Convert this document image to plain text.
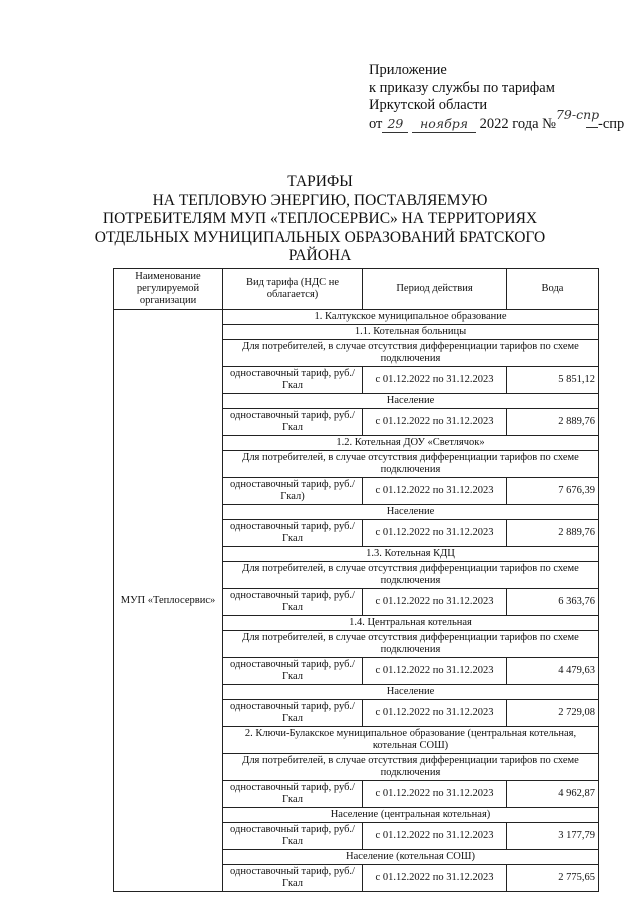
Приложение
к приказу службы по тарифам
Иркутской области
от 29 ноября 2022 года №79-спр-спр
ТАРИФЫ
НА ТЕПЛОВУЮ ЭНЕРГИЮ, ПОСТАВЛЯЕМУЮ
ПОТРЕБИТЕЛЯМ МУП «ТЕПЛОСЕРВИС» НА ТЕРРИТОРИЯХ
ОТДЕЛЬНЫХ МУНИЦИПАЛЬНЫХ ОБРАЗОВАНИЙ БРАТСКОГО
РАЙОНА
Наименование регулируемой организации	Вид тарифа (НДС не облагается)	Период действия	Вода
МУП «Теплосервис»	1. Калтукское муниципальное образование		
	1.1. Котельная больницы		
	Для потребителей, в случае отсутствия дифференциации тарифов по схеме подключения		
	одноставочный тариф, руб./Гкал	с 01.12.2022 по 31.12.2023	5 851,12
	Население		
	одноставочный тариф, руб./Гкал	с 01.12.2022 по 31.12.2023	2 889,76
	1.2. Котельная ДОУ «Светлячок»		
	Для потребителей, в случае отсутствия дифференциации тарифов по схеме подключения		
	одноставочный тариф, руб./Гкал)	с 01.12.2022 по 31.12.2023	7 676,39
	Население		
	одноставочный тариф, руб./Гкал	с 01.12.2022 по 31.12.2023	2 889,76
	1.3. Котельная КДЦ		
	Для потребителей, в случае отсутствия дифференциации тарифов по схеме подключения		
	одноставочный тариф, руб./Гкал	с 01.12.2022 по 31.12.2023	6 363,76
	1.4. Центральная котельная		
	Для потребителей, в случае отсутствия дифференциации тарифов по схеме подключения		
	одноставочный тариф, руб./Гкал	с 01.12.2022 по 31.12.2023	4 479,63
	Население		
	одноставочный тариф, руб./Гкал	с 01.12.2022 по 31.12.2023	2 729,08
	2. Ключи-Булакское муниципальное образование (центральная котельная, котельная СОШ)		
	Для потребителей, в случае отсутствия дифференциации тарифов по схеме подключения		
	одноставочный тариф, руб./Гкал	с 01.12.2022 по 31.12.2023	4 962,87
	Население (центральная котельная)		
	одноставочный тариф, руб./Гкал	с 01.12.2022 по 31.12.2023	3 177,79
	Население (котельная СОШ)		
	одноставочный тариф, руб./Гкал	с 01.12.2022 по 31.12.2023	2 775,65
